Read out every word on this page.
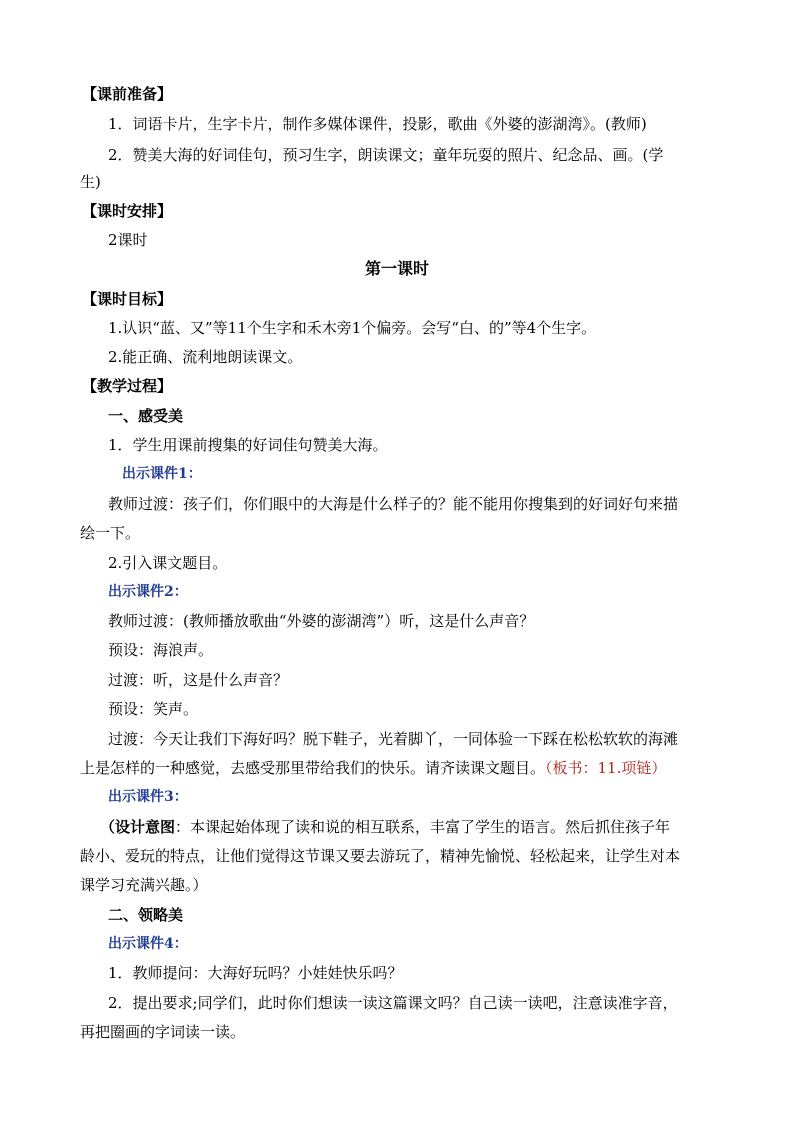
【课前准备】
1．词语卡片，生字卡片，制作多媒体课件，投影，歌曲《外婆的澎湖湾》。(教师)
2．赞美大海的好词佳句，预习生字，朗读课文；童年玩耍的照片、纪念品、画。(学
生)
【课时安排】
2课时
第一课时
【课时目标】
1.认识“蓝、又”等11个生字和禾木旁1个偏旁。会写“白、的”等4个生字。
2.能正确、流利地朗读课文。
【教学过程】
一、感受美
1．学生用课前搜集的好词佳句赞美大海。
出示课件1：
教师过渡：孩子们，你们眼中的大海是什么样子的？能不能用你搜集到的好词好句来描
绘一下。
2.引入课文题目。
出示课件2：
教师过渡：(教师播放歌曲“外婆的澎湖湾”）听，这是什么声音？
预设：海浪声。
过渡：听，这是什么声音？
预设：笑声。
过渡：今天让我们下海好吗？脱下鞋子，光着脚丫，一同体验一下踩在松松软软的海滩
上是怎样的一种感觉，去感受那里带给我们的快乐。请齐读课文题目。（板书：11.项链）
出示课件3：
（设计意图：本课起始体现了读和说的相互联系，丰富了学生的语言。然后抓住孩子年
龄小、爱玩的特点，让他们觉得这节课又要去游玩了，精神先愉悦、轻松起来，让学生对本
课学习充满兴趣。）
二、领略美
出示课件4：
1．教师提问：大海好玩吗？小娃娃快乐吗？
2．提出要求;同学们，此时你们想读一读这篇课文吗？自己读一读吧，注意读准字音，
再把圈画的字词读一读。
